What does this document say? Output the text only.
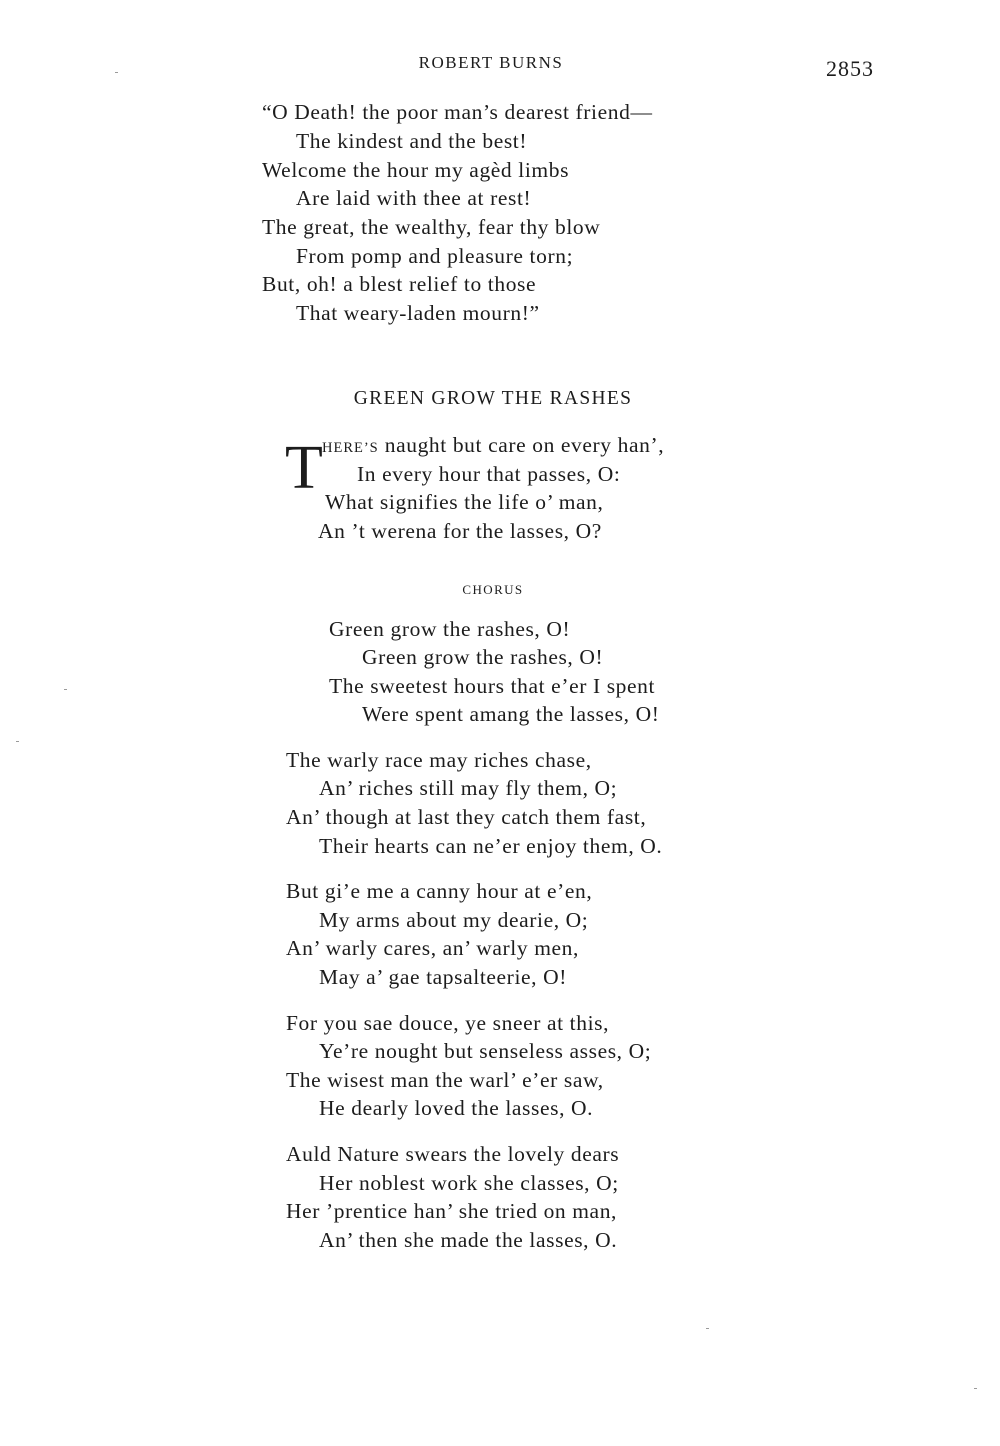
ROBERT BURNS	2853
“O Death! the poor man’s dearest friend—
The kindest and the best!
Welcome the hour my agèd limbs
Are laid with thee at rest!
The great, the wealthy, fear thy blow
From pomp and pleasure torn;
But, oh! a blest relief to those
That weary-laden mourn!”
GREEN GROW THE RASHES
T HERE’S naught but care on every han’,
In every hour that passes, O:
What signifies the life o’ man,
An ’t werena for the lasses, O?
CHORUS
Green grow the rashes, O!
Green grow the rashes, O!
The sweetest hours that e’er I spent
Were spent amang the lasses, O!
The warly race may riches chase,
An’ riches still may fly them, O;
An’ though at last they catch them fast,
Their hearts can ne’er enjoy them, O.
But gi’e me a canny hour at e’en,
My arms about my dearie, O;
An’ warly cares, an’ warly men,
May a’ gae tapsalteerie, O!
For you sae douce, ye sneer at this,
Ye’re nought but senseless asses, O;
The wisest man the warl’ e’er saw,
He dearly loved the lasses, O.
Auld Nature swears the lovely dears
Her noblest work she classes, O;
Her ’prentice han’ she tried on man,
An’ then she made the lasses, O.
